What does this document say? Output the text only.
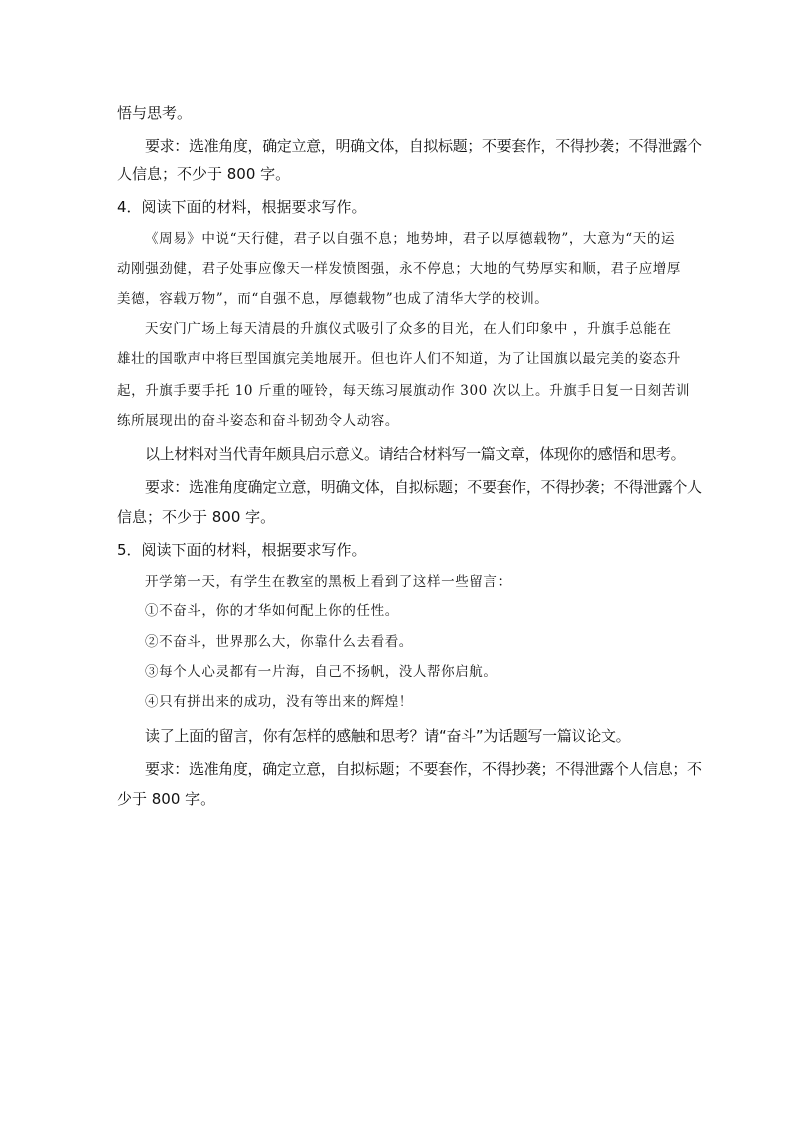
悟与思考。
要求：选准角度，确定立意，明确文体，自拟标题；不要套作，不得抄袭；不得泄露个
人信息；不少于 800 字。
4．阅读下面的材料，根据要求写作。
《周易》中说“天行健，君子以自强不息；地势坤，君子以厚德载物”，大意为“天的运
动刚强劲健，君子处事应像天一样发愤图强，永不停息；大地的气势厚实和顺，君子应增厚
美德，容载万物”，而“自强不息，厚德载物”也成了清华大学的校训。
天安门广场上每天清晨的升旗仪式吸引了众多的目光，在人们印象中 ，升旗手总能在
雄壮的国歌声中将巨型国旗完美地展开。但也许人们不知道，为了让国旗以最完美的姿态升
起，升旗手要手托 10 斤重的哑铃，每天练习展旗动作 300 次以上。升旗手日复一日刻苦训
练所展现出的奋斗姿态和奋斗韧劲令人动容。
以上材料对当代青年颇具启示意义。请结合材料写一篇文章，体现你的感悟和思考。
要求：选准角度确定立意，明确文体，自拟标题；不要套作，不得抄袭；不得泄露个人
信息；不少于 800 字。
5．阅读下面的材料，根据要求写作。
开学第一天，有学生在教室的黑板上看到了这样一些留言：
①不奋斗，你的才华如何配上你的任性。
②不奋斗，世界那么大，你靠什么去看看。
③每个人心灵都有一片海，自己不扬帆，没人帮你启航。
④只有拼出来的成功，没有等出来的辉煌！
读了上面的留言，你有怎样的感触和思考？请“奋斗”为话题写一篇议论文。
要求：选准角度，确定立意，自拟标题；不要套作，不得抄袭；不得泄露个人信息；不
少于 800 字。
